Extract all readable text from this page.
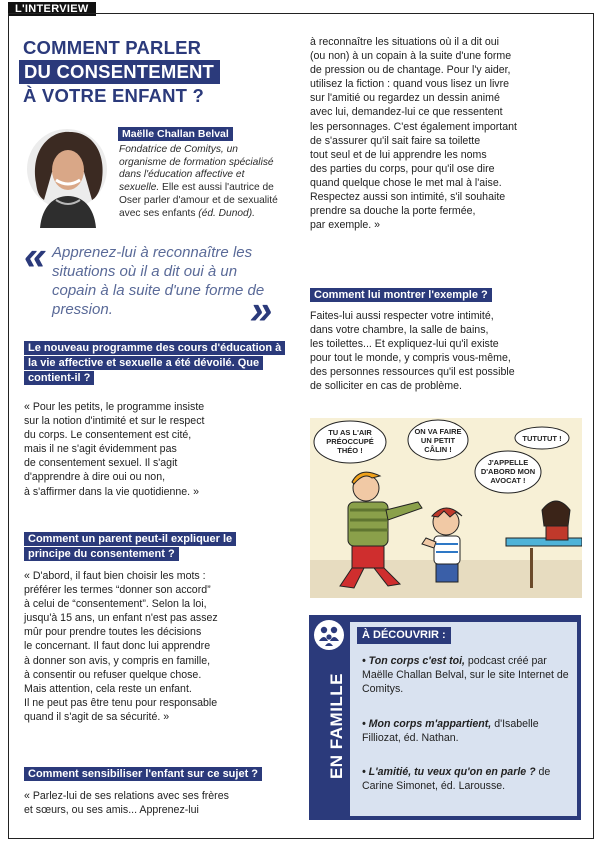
L'INTERVIEW
COMMENT PARLER
DU CONSENTEMENT
À VOTRE ENFANT ?
Maëlle Challan Belval
Fondatrice de Comitys, un organisme de formation spécialisé dans l'éducation affective et sexuelle. Elle est aussi l'autrice de Oser parler d'amour et de sexualité avec ses enfants (éd. Dunod).
« Apprenez-lui à reconnaître les situations où il a dit oui à un copain à la suite d'une forme de pression.	»
Le nouveau programme des cours d'éducation à la vie affective et sexuelle a été dévoilé. Que contient-il ?
« Pour les petits, le programme insiste
sur la notion d'intimité et sur le respect
du corps. Le consentement est cité,
mais il ne s'agit évidemment pas
de consentement sexuel. Il s'agit
d'apprendre à dire oui ou non,
à s'affirmer dans la vie quotidienne. »
Comment un parent peut-il expliquer le principe du consentement ?
« D'abord, il faut bien choisir les mots :
préférer les termes “donner son accord”
à celui de “consentement”. Selon la loi,
jusqu'à 15 ans, un enfant n'est pas assez
mûr pour prendre toutes les décisions
le concernant. Il faut donc lui apprendre
à donner son avis, y compris en famille,
à consentir ou refuser quelque chose.
Mais attention, cela reste un enfant.
Il ne peut pas être tenu pour responsable
quand il s'agit de sa sécurité. »
Comment sensibiliser l'enfant sur ce sujet ?
« Parlez-lui de ses relations avec ses frères
et sœurs, ou ses amis... Apprenez-lui
à reconnaître les situations où il a dit oui
(ou non) à un copain à la suite d'une forme
de pression ou de chantage. Pour l'y aider,
utilisez la fiction : quand vous lisez un livre
sur l'amitié ou regardez un dessin animé
avec lui, demandez-lui ce que ressentent
les personnages. C'est également important
de s'assurer qu'il sait faire sa toilette
tout seul et de lui apprendre les noms
des parties du corps, pour qu'il ose dire
quand quelque chose le met mal à l'aise.
Respectez aussi son intimité, s'il souhaite
prendre sa douche la porte fermée,
par exemple. »
Comment lui montrer l'exemple ?
Faites-lui aussi respecter votre intimité,
dans votre chambre, la salle de bains,
les toilettes... Et expliquez-lui qu'il existe
pour tout le monde, y compris vous-même,
des personnes ressources qu'il est possible
de solliciter en cas de problème.
TU AS L'AIR
PRÉOCCUPÉ
THÉO !
ON VA FAIRE
UN PETIT
CÂLIN !
TUTUTUT !
J'APPELLE
D'ABORD MON
AVOCAT !
EN FAMILLE
À DÉCOUVRIR :
• Ton corps c'est toi, podcast créé par Maëlle Challan Belval, sur le site Internet de Comitys.
• Mon corps m'appartient, d'Isabelle Filliozat, éd. Nathan.
• L'amitié, tu veux qu'on en parle ? de Carine Simonet, éd. Larousse.
